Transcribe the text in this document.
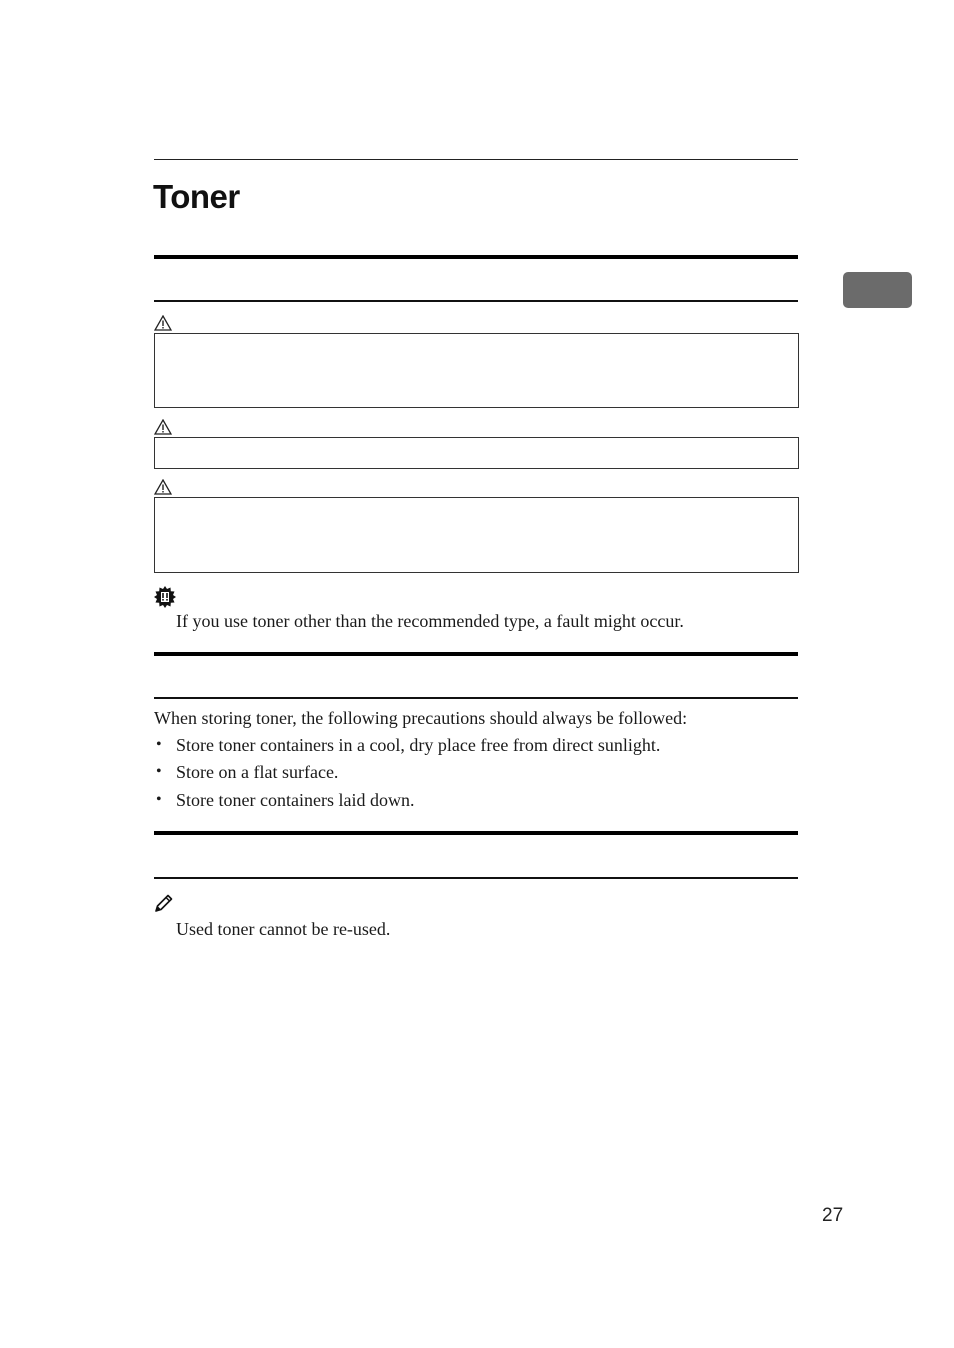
Toner
If you use toner other than the recommended type, a fault might occur.
When storing toner, the following precautions should always be followed:
• Store toner containers in a cool, dry place free from direct sunlight.
• Store on a flat surface.
• Store toner containers laid down.
Used toner cannot be re-used.
27
